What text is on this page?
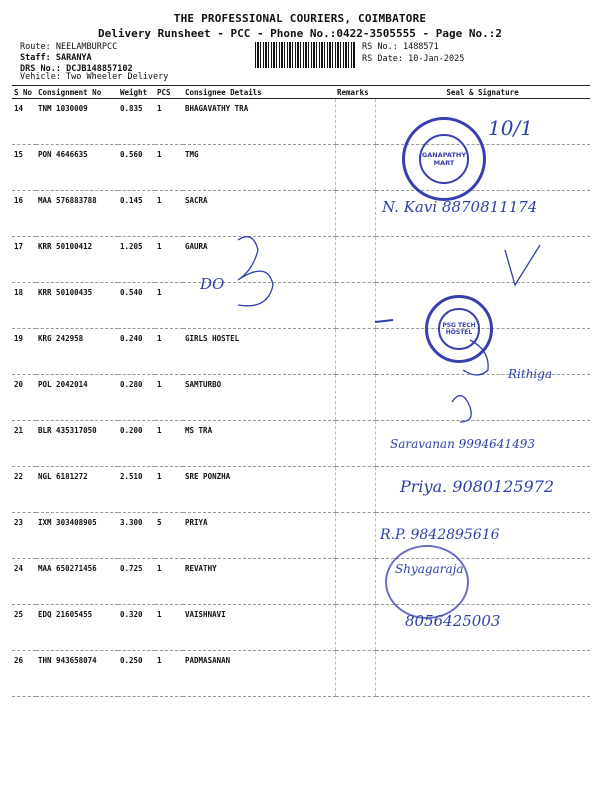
THE PROFESSIONAL COURIERS, COIMBATORE
Delivery Runsheet - PCC - Phone No.:0422-3505555 - Page No.:2
Route: NEELAMBURPCC
Staff: SARANYA
DRS No.: DCJB148857102
RS No.: 1488571
RS Date: 10-Jan-2025
Vehicle: Two Wheeler Delivery
S No	Consignment No	Weight	PCS	Consignee Details	Remarks	Seal & Signature
14	TNM 1030009	0.835	1	BHAGAVATHY TRA		
15	PON 4646635	0.560	1	TMG		
16	MAA 576883788	0.145	1	SACRA		
17	KRR 50100412	1.205	1	GAURA		
18	KRR 50100435	0.540	1			
19	KRG 242958	0.240	1	GIRLS HOSTEL		
20	POL 2042014	0.280	1	SAMTURBO		
21	BLR 435317050	0.200	1	MS TRA		
22	NGL 6181272	2.510	1	SRE PONZHA		
23	IXM 303408905	3.300	5	PRIYA		
24	MAA 650271456	0.725	1	REVATHY		
25	EDQ 21605455	0.320	1	VAISHNAVI		
26	THN 943658074	0.250	1	PADMASANAN		
GANAPATHY MART
PSG TECH HOSTEL
10/1
N. Kavi 8870811174
DO
Rithiga
Saravanan 9994641493
Priya. 9080125972
R.P. 9842895616
Shyagaraja
8056425003
